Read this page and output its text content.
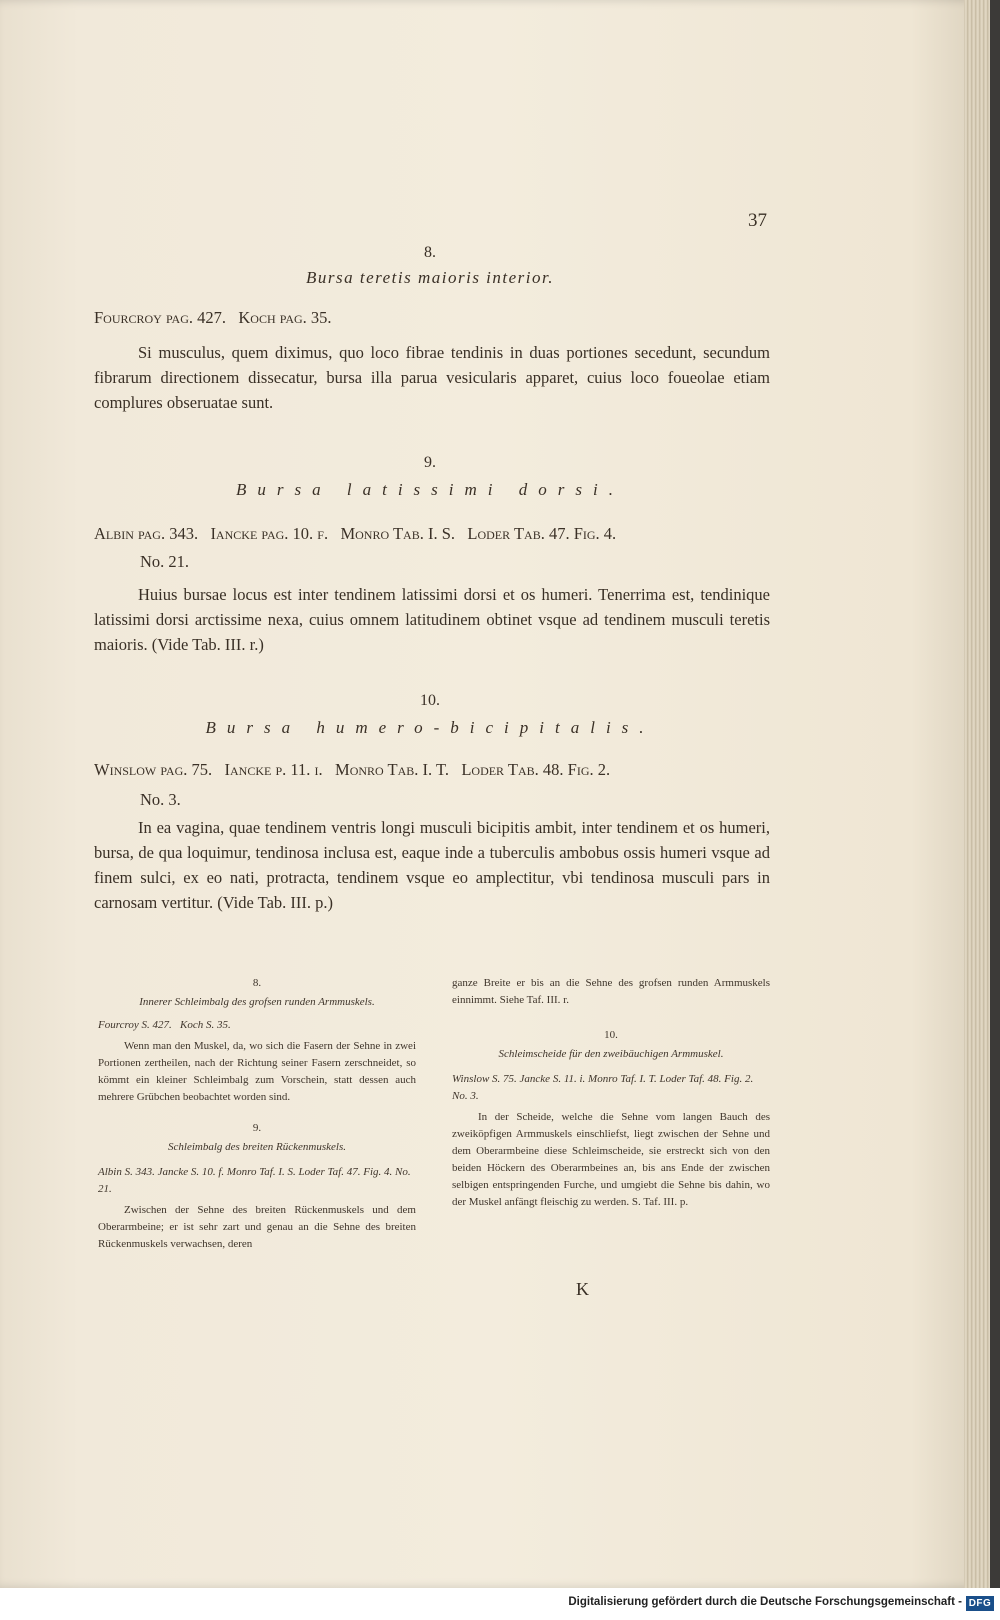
37
8.
Bursa teretis maioris interior.
Fourcroy pag. 427.   Koch pag. 35.
Si musculus, quem diximus, quo loco fibrae tendinis in duas portiones secedunt, secundum fibrarum directionem dissecatur, bursa illa parua vesicularis apparet, cuius loco foueolae etiam complures obseruatae sunt.
9.
Bursa latissimi dorsi.
Albin pag. 343.   Iancke pag. 10. f.   Monro Tab. I. S.   Loder Tab. 47. Fig. 4.
No. 21.
Huius bursae locus est inter tendinem latissimi dorsi et os humeri. Tenerrima est, tendinique latissimi dorsi arctissime nexa, cuius omnem latitudinem obtinet vsque ad tendinem musculi teretis maioris. (Vide Tab. III. r.)
10.
Bursa humero-bicipitalis.
Winslow pag. 75.   Iancke p. 11. i.   Monro Tab. I. T.   Loder Tab. 48. Fig. 2.
No. 3.
In ea vagina, quae tendinem ventris longi musculi bicipitis ambit, inter tendinem et os humeri, bursa, de qua loquimur, tendinosa inclusa est, eaque inde a tuberculis ambobus ossis humeri vsque ad finem sulci, ex eo nati, protracta, tendinem vsque eo amplectitur, vbi tendinosa musculi pars in carnosam vertitur. (Vide Tab. III. p.)
8.
Innerer Schleimbalg des grofsen runden Armmuskels.
Fourcroy S. 427.   Koch S. 35.
Wenn man den Muskel, da, wo sich die Fasern der Sehne in zwei Portionen zertheilen, nach der Richtung seiner Fasern zerschneidet, so kömmt ein kleiner Schleimbalg zum Vorschein, statt dessen auch mehrere Grübchen beobachtet worden sind.
9.
Schleimbalg des breiten Rückenmuskels.
Albin S. 343. Jancke S. 10. f. Monro Taf. I. S. Loder Taf. 47. Fig. 4. No. 21.
Zwischen der Sehne des breiten Rückenmuskels und dem Oberarmbeine; er ist sehr zart und genau an die Sehne des breiten Rückenmuskels verwachsen, deren
ganze Breite er bis an die Sehne des grofsen runden Armmuskels einnimmt. Siehe Taf. III. r.
10.
Schleimscheide für den zweibäuchigen Armmuskel.
Winslow S. 75. Jancke S. 11. i. Monro Taf. I. T. Loder Taf. 48. Fig. 2. No. 3.
In der Scheide, welche die Sehne vom langen Bauch des zweiköpfigen Armmuskels einschliefst, liegt zwischen der Sehne und dem Oberarmbeine diese Schleimscheide, sie erstreckt sich von den beiden Höckern des Oberarmbeines an, bis ans Ende der zwischen selbigen entspringenden Furche, und umgiebt die Sehne bis dahin, wo der Muskel anfängt fleischig zu werden. S. Taf. III. p.
K
Digitalisierung gefördert durch die Deutsche Forschungsgemeinschaft - DFG
